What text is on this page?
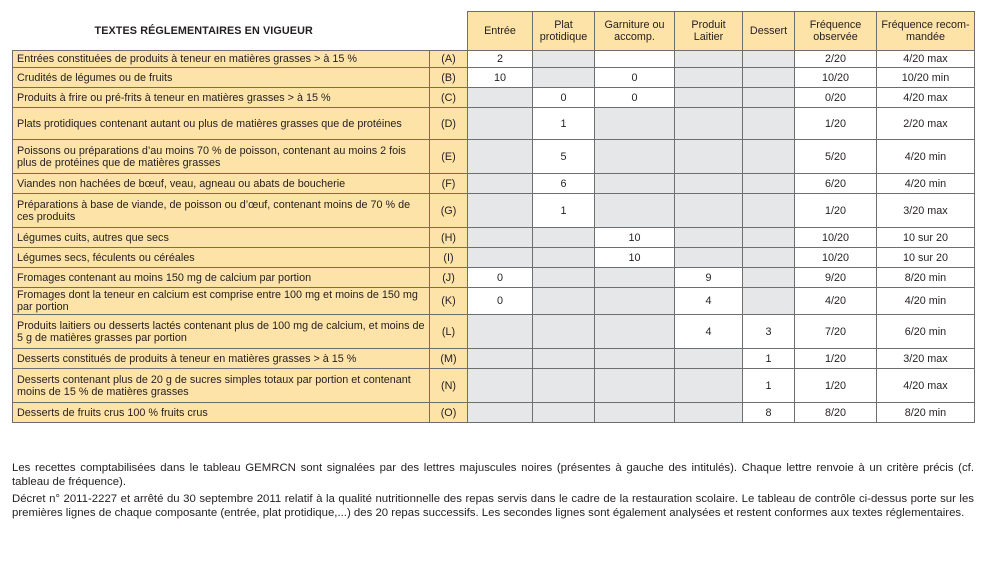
TEXTES RÉGLEMENTAIRES EN VIGUEUR		Entrée	Plat protidique	Garniture ou accomp.	Produit Laitier	Dessert	Fréquence observée	Fréquence recom-mandée
Entrées constituées de produits à teneur en matières grasses > à 15 %	(A)	2					2/20	4/20 max
Crudités de légumes ou de fruits	(B)	10		0			10/20	10/20 min
Produits à frire ou pré-frits à teneur en matières grasses > à 15 %	(C)		0	0			0/20	4/20 max
Plats protidiques contenant autant ou plus de matières grasses que de protéines	(D)		1				1/20	2/20 max
Poissons ou préparations d’au moins 70 % de poisson, contenant au moins 2 fois plus de protéines que de matières grasses	(E)		5				5/20	4/20 min
Viandes non hachées de bœuf, veau, agneau ou abats de boucherie	(F)		6				6/20	4/20 min
Préparations à base de viande, de poisson ou d’œuf, contenant moins de 70 % de ces produits	(G)		1				1/20	3/20 max
Légumes cuits, autres que secs	(H)			10			10/20	10 sur 20
Légumes secs, féculents ou céréales	(I)			10			10/20	10 sur 20
Fromages contenant au moins 150 mg de calcium par portion	(J)	0			9		9/20	8/20 min
Fromages dont la teneur en calcium est comprise entre 100 mg et moins de 150 mg par portion	(K)	0			4		4/20	4/20 min
Produits laitiers ou desserts lactés contenant plus de 100 mg de calcium, et moins de 5 g de matières grasses par portion	(L)				4	3	7/20	6/20 min
Desserts constitués de produits à teneur en matières grasses > à 15 %	(M)					1	1/20	3/20 max
Desserts contenant plus de 20 g de sucres simples totaux par portion et contenant moins de 15 % de matières grasses	(N)					1	1/20	4/20 max
Desserts de fruits crus 100 % fruits crus	(O)					8	8/20	8/20 min

Les recettes comptabilisées dans le tableau GEMRCN sont signalées par des lettres majuscules noires (présentes à gauche des intitulés). Chaque lettre renvoie à un critère précis (cf. tableau de fréquence).

Décret n° 2011-2227 et arrêté du 30 septembre 2011 relatif à la qualité nutritionnelle des repas servis dans le cadre de la restauration scolaire. Le tableau de contrôle ci-dessus porte sur les premières lignes de chaque composante (entrée, plat protidique,...) des 20 repas successifs. Les secondes lignes sont également analysées et restent conformes aux textes réglementaires.
